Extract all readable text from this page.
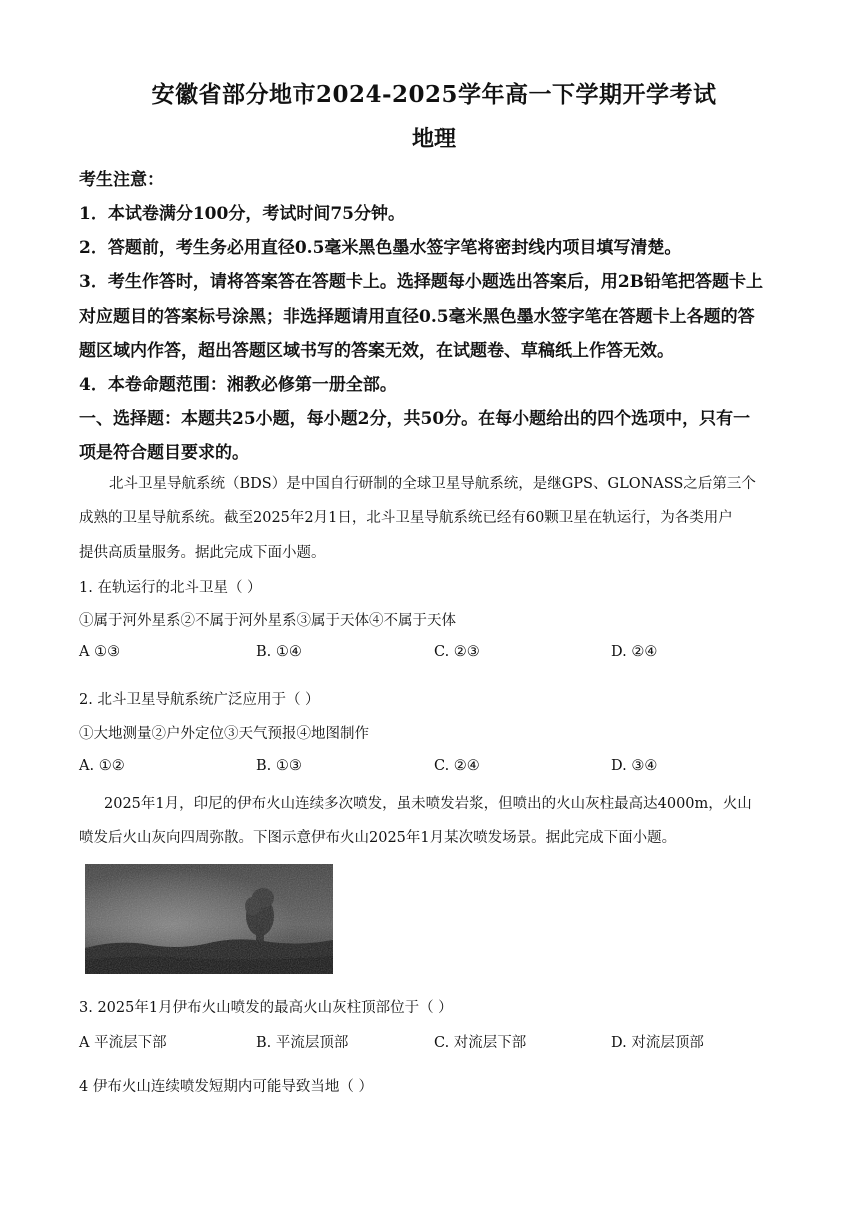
安徽省部分地市2024-2025学年高一下学期开学考试
地理
考生注意：
1．本试卷满分100分，考试时间75分钟。
2．答题前，考生务必用直径0.5毫米黑色墨水签字笔将密封线内项目填写清楚。
3．考生作答时，请将答案答在答题卡上。选择题每小题选出答案后，用2B铅笔把答题卡上
对应题目的答案标号涂黑；非选择题请用直径0.5毫米黑色墨水签字笔在答题卡上各题的答
题区域内作答，超出答题区域书写的答案无效，在试题卷、草稿纸上作答无效。
4．本卷命题范围：湘教必修第一册全部。
一、选择题：本题共25小题，每小题2分，共50分。在每小题给出的四个选项中，只有一
项是符合题目要求的。
北斗卫星导航系统（BDS）是中国自行研制的全球卫星导航系统，是继GPS、GLONASS之后第三个
成熟的卫星导航系统。截至2025年2月1日，北斗卫星导航系统已经有60颗卫星在轨运行，为各类用户
提供高质量服务。据此完成下面小题。
1. 在轨运行的北斗卫星（ ）
①属于河外星系②不属于河外星系③属于天体④不属于天体
A ①③	B. ①④	C. ②③	D. ②④
2. 北斗卫星导航系统广泛应用于（ ）
①大地测量②户外定位③天气预报④地图制作
A. ①②	B. ①③	C. ②④	D. ③④
2025年1月，印尼的伊布火山连续多次喷发，虽未喷发岩浆，但喷出的火山灰柱最高达4000m，火山
喷发后火山灰向四周弥散。下图示意伊布火山2025年1月某次喷发场景。据此完成下面小题。
3. 2025年1月伊布火山喷发的最高火山灰柱顶部位于（ ）
A 平流层下部	B. 平流层顶部	C. 对流层下部	D. 对流层顶部
4 伊布火山连续喷发短期内可能导致当地（ ）
